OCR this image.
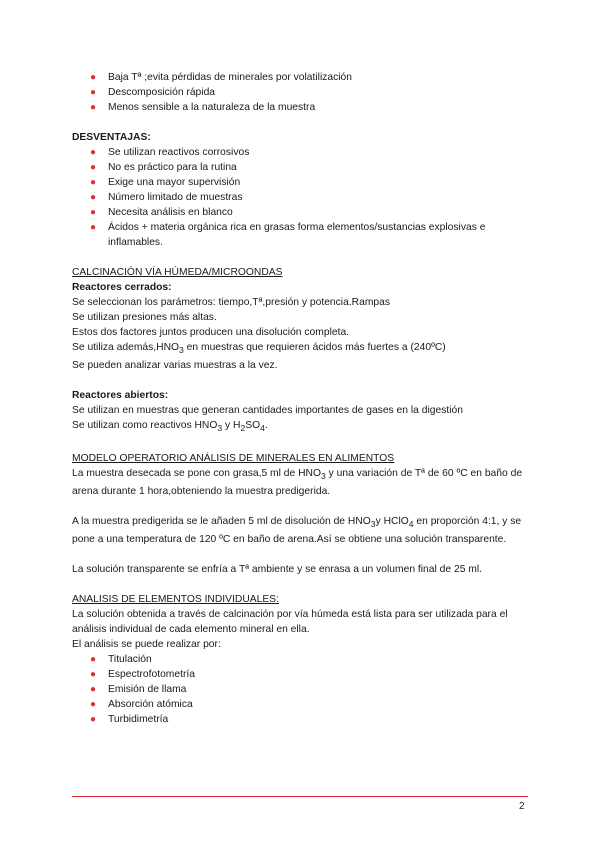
● Baja Tª ;evita pérdidas de minerales por volatilización
● Descomposición rápida
● Menos sensible a la naturaleza de la muestra

DESVENTAJAS:

● Se utilizan reactivos corrosivos
● No es práctico para la rutina
● Exige una mayor supervisión
● Número limitado de muestras
● Necesita análisis en blanco
● Ácidos + materia orgánica rica en grasas forma elementos/sustancias explosivas e inflamables.

CALCINACIÓN VÍA HÚMEDA/MICROONDAS

Reactores cerrados:

Se seleccionan los parámetros: tiempo,Tª,presión y potencia.Rampas

Se utilizan presiones más altas.

Estos dos factores juntos producen una disolución completa.

Se utiliza $además,HNO_3$ en muestras que requieren ácidos más fuertes a (240ºC)

Se pueden analizar varias muestras a la vez.

Reactores abiertos:

Se utilizan en muestras que generan cantidades importantes de gases en la digestión

Se utilizan como reactivos $HNO_3$ y $H_2SO_4$.

MODELO OPERATORIO ANÁLISIS DE MINERALES EN ALIMENTOS

La muestra desecada se pone con grasa,5 ml de $HNO_3$ y una variación de Tª de 60 ºC en baño de arena durante 1 hora,obteniendo la muestra predigerida.

A la muestra predigerida se le añaden 5 ml de disolución de $HNO_3y$ HClO$_4$ en proporción 4:1, y se pone a una temperatura de 120 ºC en baño de arena.Así se obtiene una solución transparente.

La solución transparente se enfría a Tª ambiente y se enrasa a un volumen final de 25 ml.

ANALISIS DE ELEMENTOS INDIVIDUALES:

La solución obtenida a través de calcinación por vía húmeda está lista para ser utilizada para el análisis individual de cada elemento mineral en ella.

El análisis se puede realizar por:

● Titulación
● Espectrofotometría
● Emisión de llama
● Absorción atómica
● Turbidimetría
2
